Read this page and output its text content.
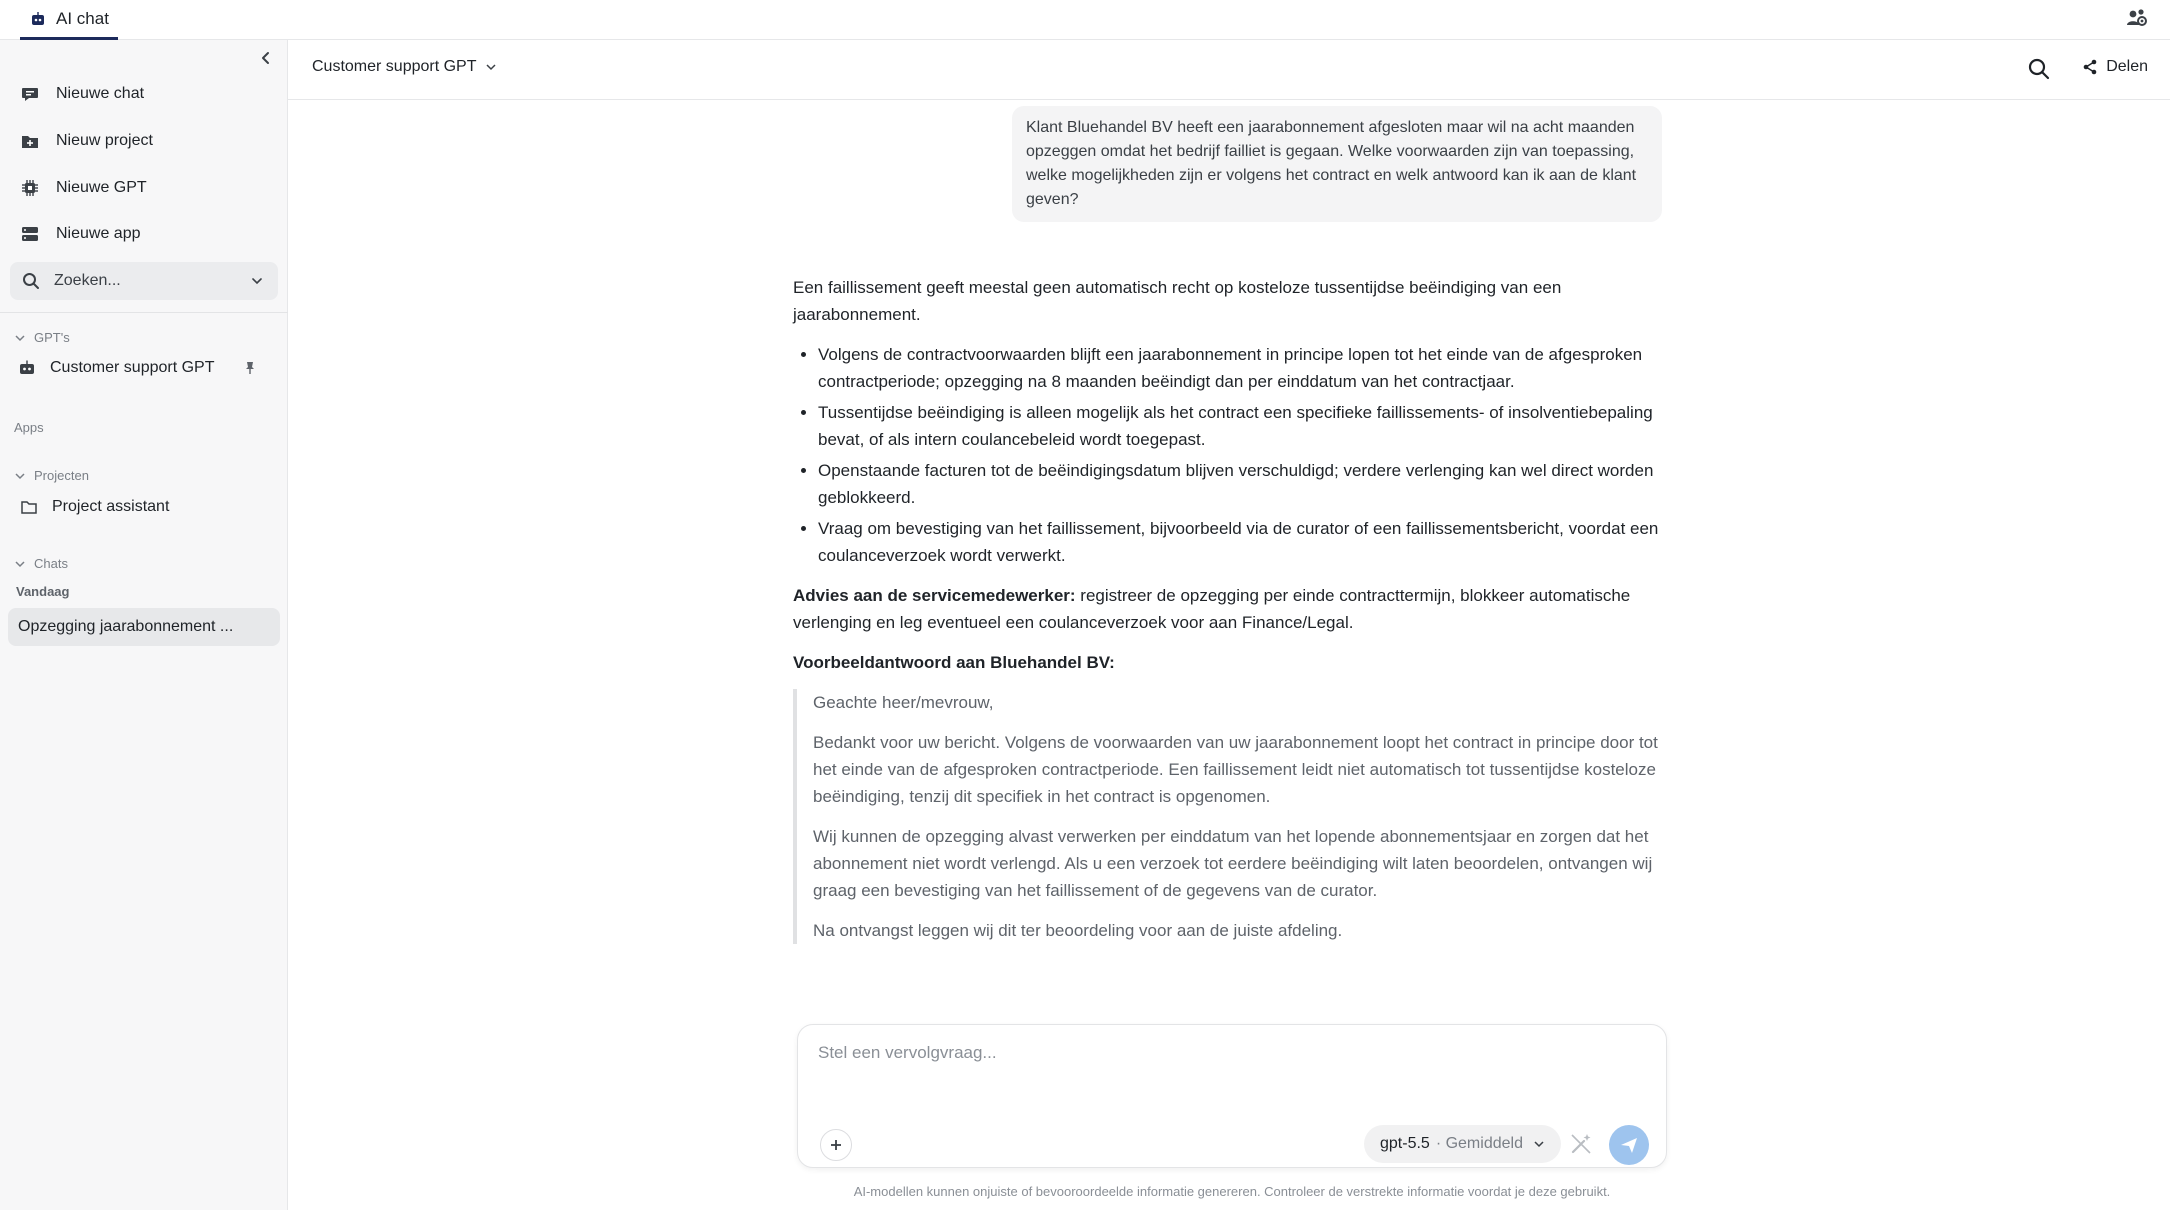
AI chat
Nieuwe chat
Nieuw project
Nieuwe GPT
Nieuwe app
Zoeken...
GPT's
Customer support GPT
Apps
Projecten
Project assistant
Chats
Vandaag
Opzegging jaarabonnement ...
Customer support GPT	Delen
Klant Bluehandel BV heeft een jaarabonnement afgesloten maar wil na acht maanden opzeggen omdat het bedrijf failliet is gegaan. Welke voorwaarden zijn van toepassing, welke mogelijkheden zijn er volgens het contract en welk antwoord kan ik aan de klant geven?

Een faillissement geeft meestal geen automatisch recht op kosteloze tussentijdse beëindiging van een jaarabonnement.

• Volgens de contractvoorwaarden blijft een jaarabonnement in principe lopen tot het einde van de afgesproken contractperiode; opzegging na 8 maanden beëindigt dan per einddatum van het contractjaar.
• Tussentijdse beëindiging is alleen mogelijk als het contract een specifieke faillissements- of insolventiebepaling bevat, of als intern coulancebeleid wordt toegepast.
• Openstaande facturen tot de beëindigingsdatum blijven verschuldigd; verdere verlenging kan wel direct worden geblokkeerd.
• Vraag om bevestiging van het faillissement, bijvoorbeeld via de curator of een faillissementsbericht, voordat een coulanceverzoek wordt verwerkt.

Advies aan de servicemedewerker: registreer de opzegging per einde contracttermijn, blokkeer automatische verlenging en leg eventueel een coulanceverzoek voor aan Finance/Legal.

Voorbeeldantwoord aan Bluehandel BV:

Geachte heer/mevrouw,

Bedankt voor uw bericht. Volgens de voorwaarden van uw jaarabonnement loopt het contract in principe door tot het einde van de afgesproken contractperiode. Een faillissement leidt niet automatisch tot tussentijdse kosteloze beëindiging, tenzij dit specifiek in het contract is opgenomen.

Wij kunnen de opzegging alvast verwerken per einddatum van het lopende abonnementsjaar en zorgen dat het abonnement niet wordt verlengd. Als u een verzoek tot eerdere beëindiging wilt laten beoordelen, ontvangen wij graag een bevestiging van het faillissement of de gegevens van de curator.

Na ontvangst leggen wij dit ter beoordeling voor aan de juiste afdeling.

Stel een vervolgvraag...
gpt-5.5 · Gemiddeld
AI-modellen kunnen onjuiste of bevooroordeelde informatie genereren. Controleer de verstrekte informatie voordat je deze gebruikt.
